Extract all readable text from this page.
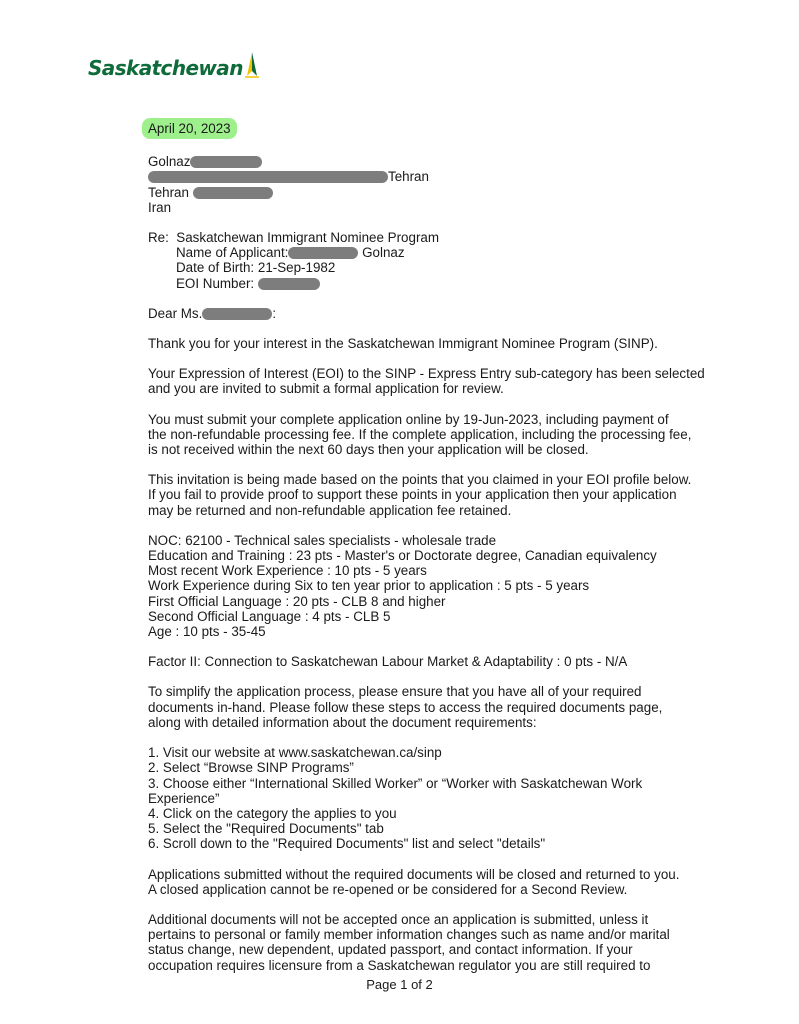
Saskatchewan
April 20, 2023
Golnaz
Tehran
Tehran
Iran
Re: Saskatchewan Immigrant Nominee Program
Name of Applicant:	Golnaz
Date of Birth: 21-Sep-1982
EOI Number:
Dear Ms.	:
Thank you for your interest in the Saskatchewan Immigrant Nominee Program (SINP).
Your Expression of Interest (EOI) to the SINP - Express Entry sub-category has been selected
and you are invited to submit a formal application for review.
You must submit your complete application online by 19-Jun-2023, including payment of
the non-refundable processing fee. If the complete application, including the processing fee,
is not received within the next 60 days then your application will be closed.
This invitation is being made based on the points that you claimed in your EOI profile below.
If you fail to provide proof to support these points in your application then your application
may be returned and non-refundable application fee retained.
NOC: 62100 - Technical sales specialists - wholesale trade
Education and Training : 23 pts - Master's or Doctorate degree, Canadian equivalency
Most recent Work Experience : 10 pts - 5 years
Work Experience during Six to ten year prior to application : 5 pts - 5 years
First Official Language : 20 pts - CLB 8 and higher
Second Official Language : 4 pts - CLB 5
Age : 10 pts - 35-45
Factor II: Connection to Saskatchewan Labour Market & Adaptability : 0 pts - N/A
To simplify the application process, please ensure that you have all of your required
documents in-hand. Please follow these steps to access the required documents page,
along with detailed information about the document requirements:
1. Visit our website at www.saskatchewan.ca/sinp
2. Select “Browse SINP Programs”
3. Choose either “International Skilled Worker” or “Worker with Saskatchewan Work
Experience”
4. Click on the category the applies to you
5. Select the "Required Documents" tab
6. Scroll down to the "Required Documents" list and select "details"
Applications submitted without the required documents will be closed and returned to you.
A closed application cannot be re-opened or be considered for a Second Review.
Additional documents will not be accepted once an application is submitted, unless it
pertains to personal or family member information changes such as name and/or marital
status change, new dependent, updated passport, and contact information. If your
occupation requires licensure from a Saskatchewan regulator you are still required to
Page 1 of 2
